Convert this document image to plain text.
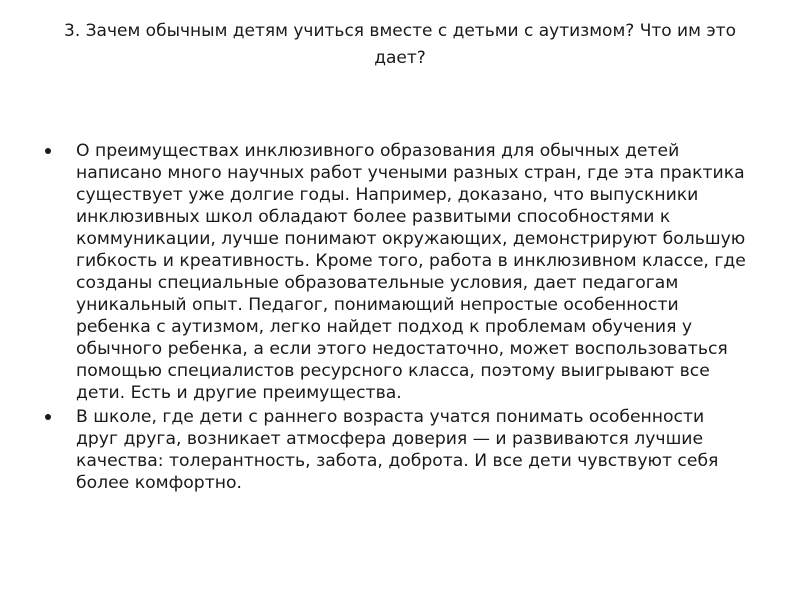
3. Зачем обычным детям учиться вместе с детьми с аутизмом? Что им это дает?
О преимуществах инклюзивного образования для обычных детей написано много научных работ учеными разных стран, где эта практика существует уже долгие годы. Например, доказано, что выпускники инклюзивных школ обладают более развитыми способностями к коммуникации, лучше понимают окружающих, демонстрируют большую гибкость и креативность. Кроме того, работа в инклюзивном классе, где созданы специальные образовательные условия, дает педагогам уникальный опыт. Педагог, понимающий непростые особенности ребенка с аутизмом, легко найдет подход к проблемам обучения у обычного ребенка, а если этого недостаточно, может воспользоваться помощью специалистов ресурсного класса, поэтому выигрывают все дети. Есть и другие преимущества.
В школе, где дети с раннего возраста учатся понимать особенности друг друга, возникает атмосфера доверия — и развиваются лучшие качества: толерантность, забота, доброта. И все дети чувствуют себя более комфортно.
